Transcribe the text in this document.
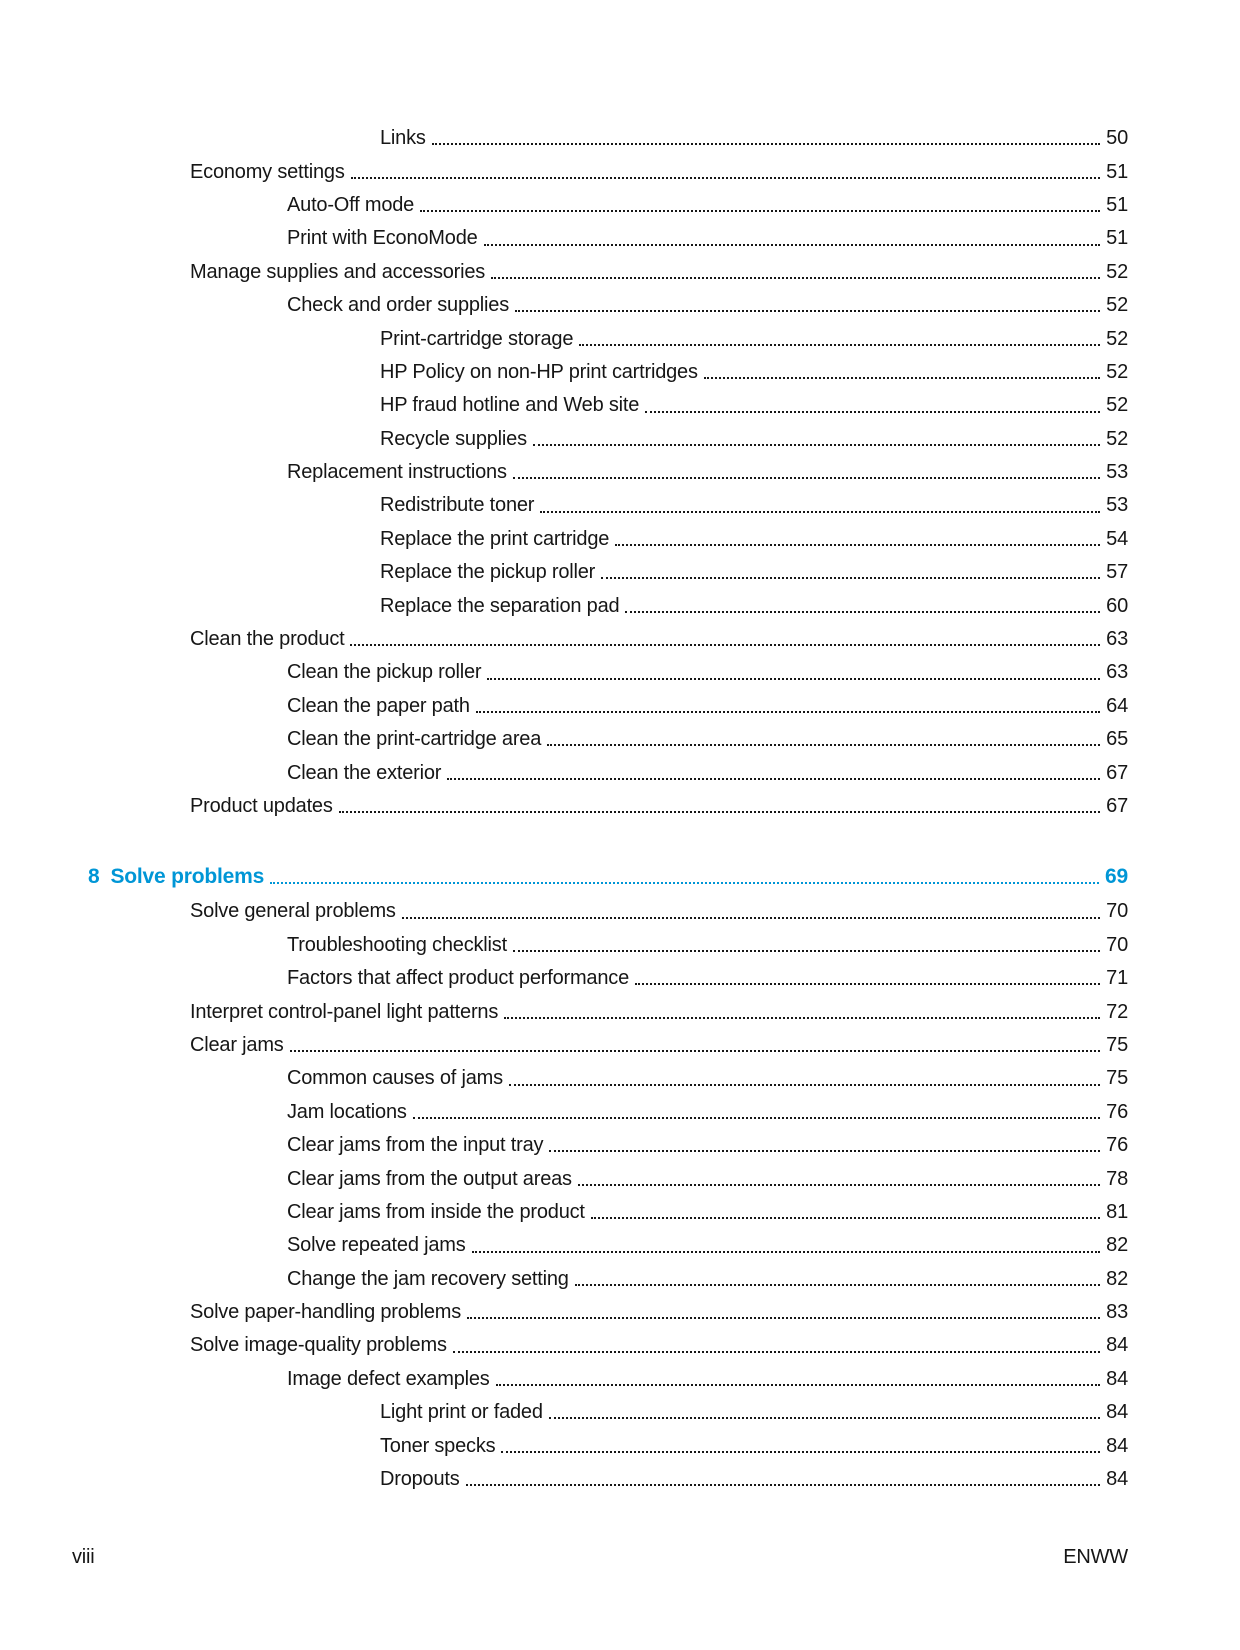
Links	50
Economy settings	51
Auto-Off mode	51
Print with EconoMode	51
Manage supplies and accessories	52
Check and order supplies	52
Print-cartridge storage	52
HP Policy on non-HP print cartridges	52
HP fraud hotline and Web site	52
Recycle supplies	52
Replacement instructions	53
Redistribute toner	53
Replace the print cartridge	54
Replace the pickup roller	57
Replace the separation pad	60
Clean the product	63
Clean the pickup roller	63
Clean the paper path	64
Clean the print-cartridge area	65
Clean the exterior	67
Product updates	67
8 Solve problems	69
Solve general problems	70
Troubleshooting checklist	70
Factors that affect product performance	71
Interpret control-panel light patterns	72
Clear jams	75
Common causes of jams	75
Jam locations	76
Clear jams from the input tray	76
Clear jams from the output areas	78
Clear jams from inside the product	81
Solve repeated jams	82
Change the jam recovery setting	82
Solve paper-handling problems	83
Solve image-quality problems	84
Image defect examples	84
Light print or faded	84
Toner specks	84
Dropouts	84
viii	ENWW
